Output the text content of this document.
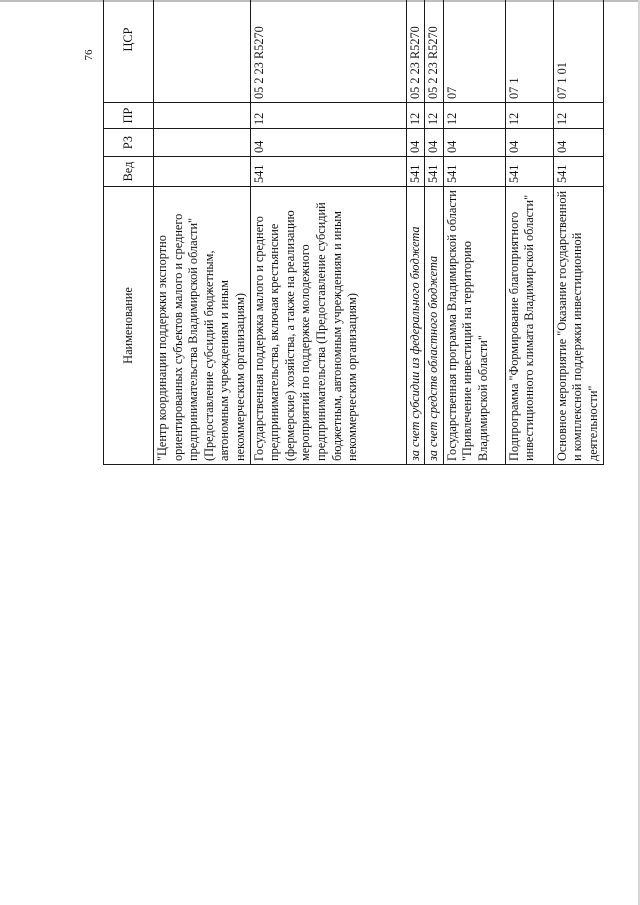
76
Наименование	Вед	РЗ	ПР	ЦСР		

"Центр координации поддержки экспортно ориентированных субъектов малого и среднего предпринимательства Владимирской области" (Предоставление субсидий бюджетным, автономным учреждениям и иным некоммерческим организациям)							
Государственная поддержка малого и среднего предпринимательства, включая крестьянские (фермерские) хозяйства, а также на реализацию мероприятий по поддержке молодежного предпринимательства (Предоставление субсидий бюджетным, автономным учреждениям и иным некоммерческим организациям)	541	04	12	05 2 23 R5270			
за счет субсидии из федерального бюджета	541	04	12	05 2 23 R5270			
за счет средств областного бюджета	541	04	12	05 2 23 R5270			
Государственная программа Владимирской области "Привлечение инвестиций на территорию Владимирской области"	541	04	12	07			
Подпрограмма "Формирование благоприятного инвестиционного климата Владимирской области"	541	04	12	07 1			
Основное мероприятие "Оказание государственной и комплексной поддержки инвестиционной деятельности"	541	04	12	07 1 01			
